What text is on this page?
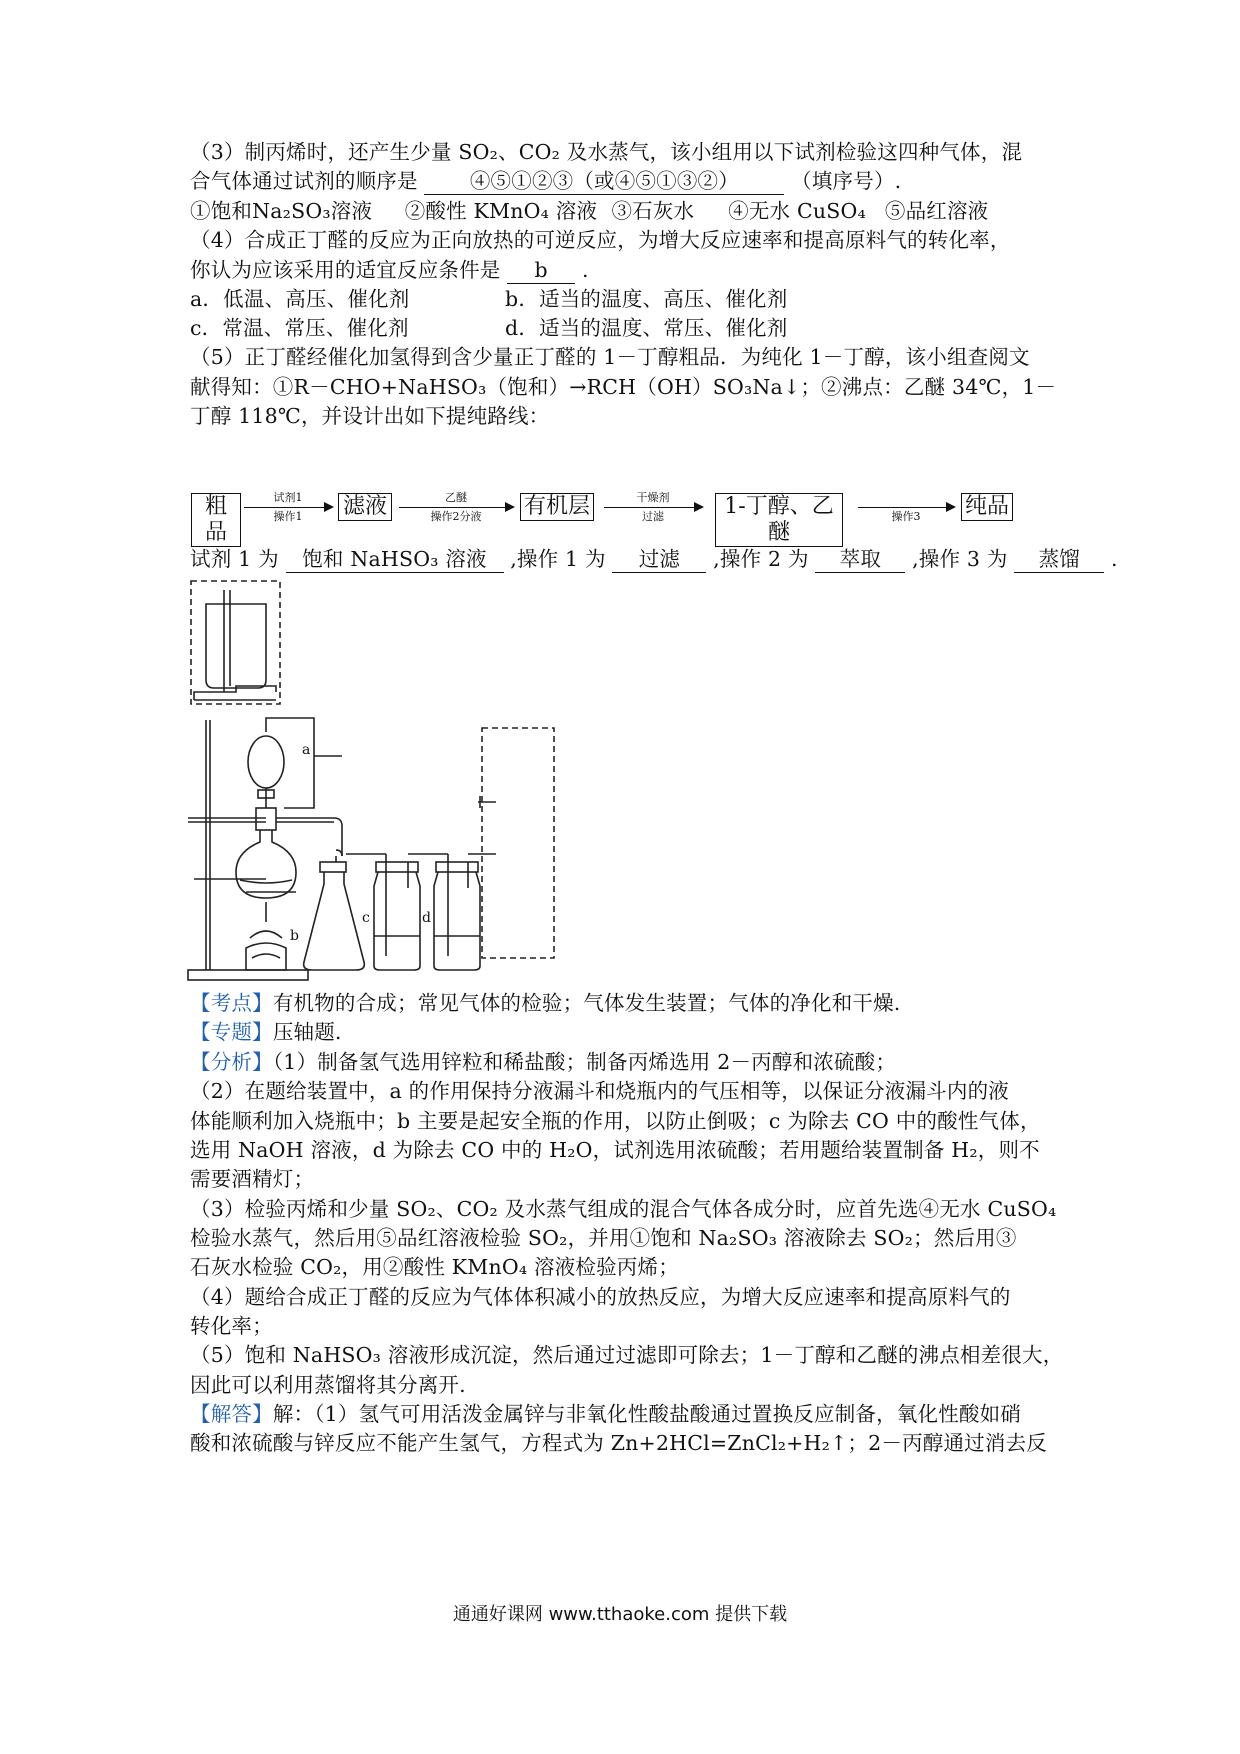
（3）制丙烯时，还产生少量 SO₂、CO₂ 及水蒸气，该小组用以下试剂检验这四种气体，混
合气体通过试剂的顺序是	④⑤①②③（或④⑤①③②）	（填序号）.
①饱和Na₂SO₃溶液 ②酸性 KMnO₄ 溶液 ③石灰水 ④无水 CuSO₄ ⑤品红溶液
（4）合成正丁醛的反应为正向放热的可逆反应，为增大反应速率和提高原料气的转化率，
你认为应该采用的适宜反应条件是 b .
a．低温、高压、催化剂	b．适当的温度、高压、催化剂
c．常温、常压、催化剂	d．适当的温度、常压、催化剂
（5）正丁醛经催化加氢得到含少量正丁醛的 1－丁醇粗品．为纯化 1－丁醇，该小组查阅文
献得知：①R－CHO+NaHSO₃（饱和）→RCH（OH）SO₃Na↓；②沸点：乙醚 34℃，1－
丁醇 118℃，并设计出如下提纯路线：
粗品
试剂1
操作1	滤液	乙醚
操作2分液	有机层	干燥剂
过滤	1-丁醇、乙醚
操作3	纯品
试剂 1 为 饱和 NaHSO₃ 溶液 ,操作 1 为 过滤 ,操作 2 为 萃取 ,操作 3 为 蒸馏 .
a
b
c	d
【考点】有机物的合成；常见气体的检验；气体发生装置；气体的净化和干燥.
【专题】压轴题.
【分析】（1）制备氢气选用锌粒和稀盐酸；制备丙烯选用 2－丙醇和浓硫酸；
（2）在题给装置中，a 的作用保持分液漏斗和烧瓶内的气压相等，以保证分液漏斗内的液
体能顺利加入烧瓶中；b 主要是起安全瓶的作用，以防止倒吸；c 为除去 CO 中的酸性气体，
选用 NaOH 溶液，d 为除去 CO 中的 H₂O，试剂选用浓硫酸；若用题给装置制备 H₂，则不
需要酒精灯；
（3）检验丙烯和少量 SO₂、CO₂ 及水蒸气组成的混合气体各成分时，应首先选④无水 CuSO₄
检验水蒸气，然后用⑤品红溶液检验 SO₂，并用①饱和 Na₂SO₃ 溶液除去 SO₂；然后用③
石灰水检验 CO₂，用②酸性 KMnO₄ 溶液检验丙烯；
（4）题给合成正丁醛的反应为气体体积减小的放热反应，为增大反应速率和提高原料气的
转化率；
（5）饱和 NaHSO₃ 溶液形成沉淀，然后通过过滤即可除去；1－丁醇和乙醚的沸点相差很大，
因此可以利用蒸馏将其分离开.
【解答】解：（1）氢气可用活泼金属锌与非氧化性酸盐酸通过置换反应制备，氧化性酸如硝
酸和浓硫酸与锌反应不能产生氢气，方程式为 Zn+2HCl=ZnCl₂+H₂↑；2－丙醇通过消去反
通通好课网 www.tthaoke.com 提供下载
